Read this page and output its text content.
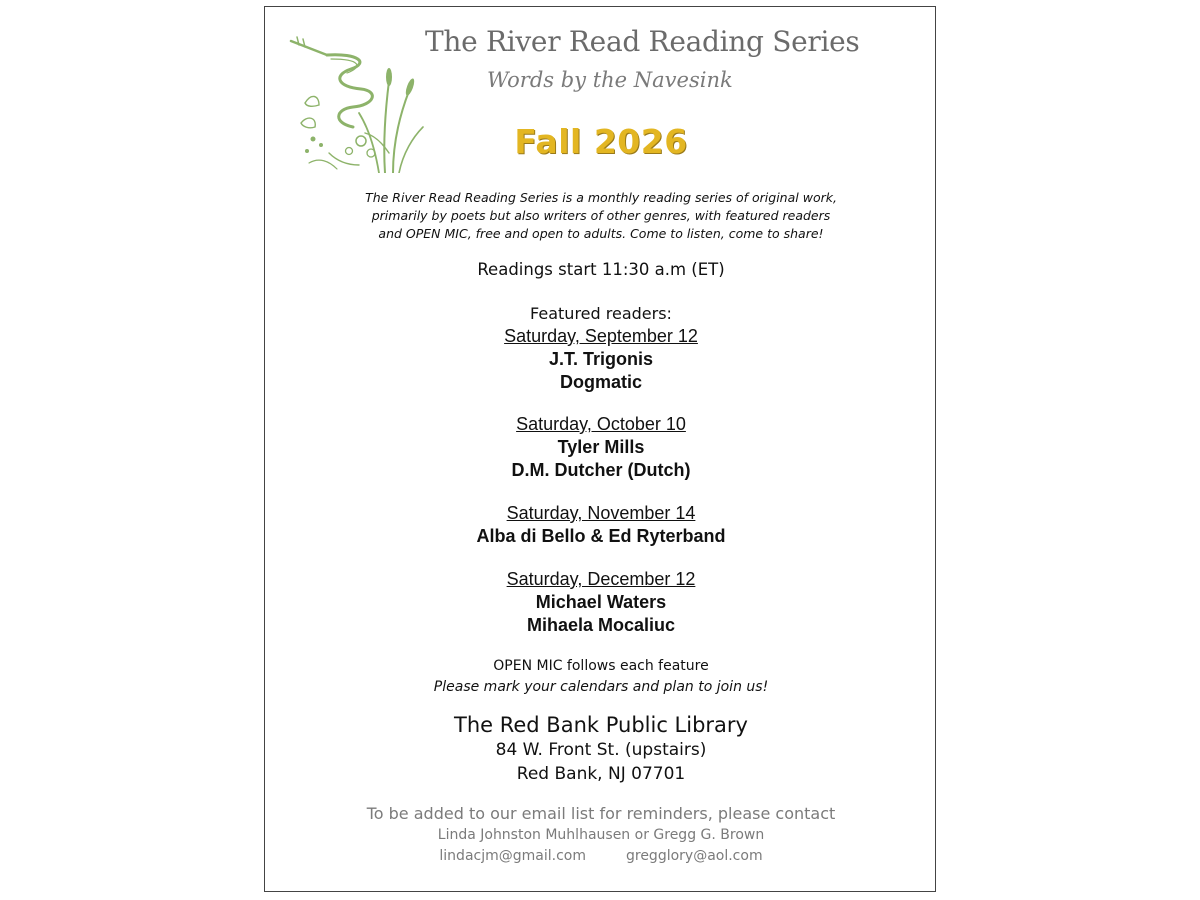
The River Read Reading Series
Words by the Navesink
Fall 2026
The River Read Reading Series is a monthly reading series of original work,
primarily by poets but also writers of other genres, with featured readers
and OPEN MIC, free and open to adults. Come to listen, come to share!
Readings start 11:30 a.m (ET)
Featured readers:
Saturday, September 12
J.T. Trigonis
Dogmatic
Saturday, October 10
Tyler Mills
D.M. Dutcher (Dutch)
Saturday, November 14
Alba di Bello & Ed Ryterband
Saturday, December 12
Michael Waters
Mihaela Mocaliuc
OPEN MIC follows each feature
Please mark your calendars and plan to join us!
The Red Bank Public Library
84 W. Front St. (upstairs)
Red Bank, NJ 07701
To be added to our email list for reminders, please contact
Linda Johnston Muhlhausen or Gregg G. Brown
lindacjm@gmail.com	gregglory@aol.com
